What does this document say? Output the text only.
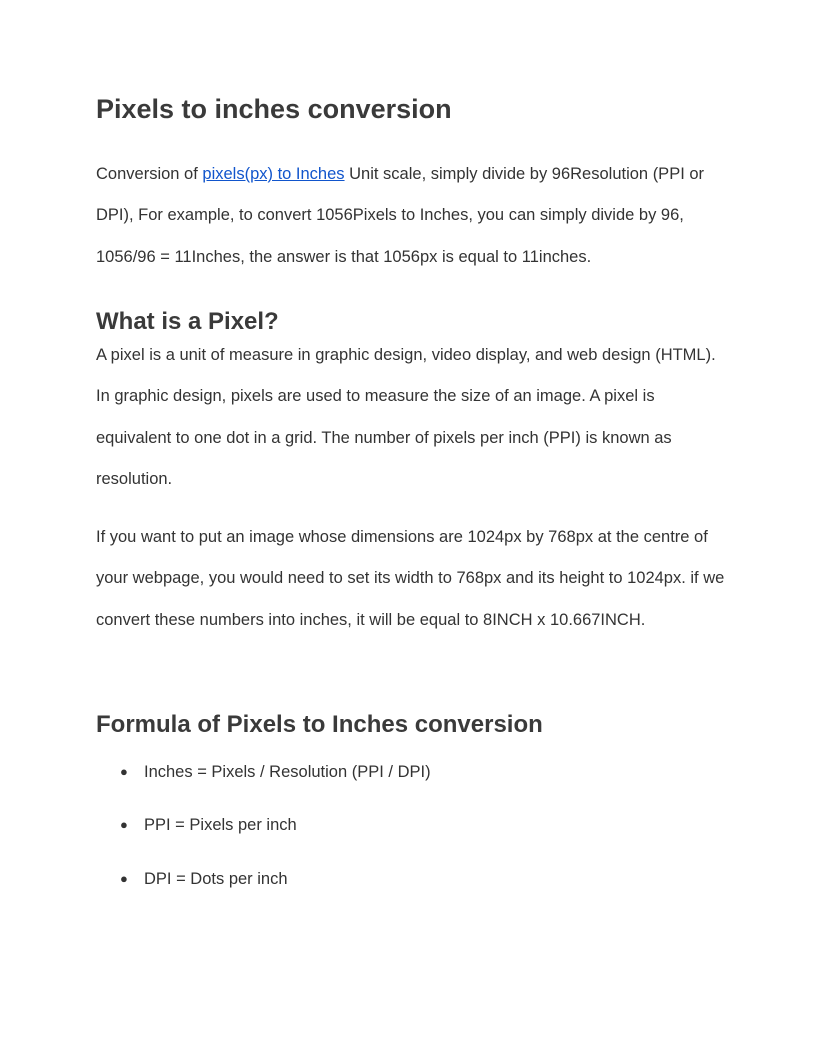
Pixels to inches conversion

Conversion of pixels(px) to Inches Unit scale, simply divide by 96Resolution (PPI or DPI), For example, to convert 1056Pixels to Inches, you can simply divide by 96, 1056/96 = 11Inches, the answer is that 1056px is equal to 11inches.

What is a Pixel?

A pixel is a unit of measure in graphic design, video display, and web design (HTML). In graphic design, pixels are used to measure the size of an image. A pixel is equivalent to one dot in a grid. The number of pixels per inch (PPI) is known as resolution.

If you want to put an image whose dimensions are 1024px by 768px at the centre of your webpage, you would need to set its width to 768px and its height to 1024px. if we convert these numbers into inches, it will be equal to 8INCH x 10.667INCH.

Formula of Pixels to Inches conversion
● Inches = Pixels / Resolution (PPI / DPI)
● PPI = Pixels per inch
● DPI = Dots per inch
